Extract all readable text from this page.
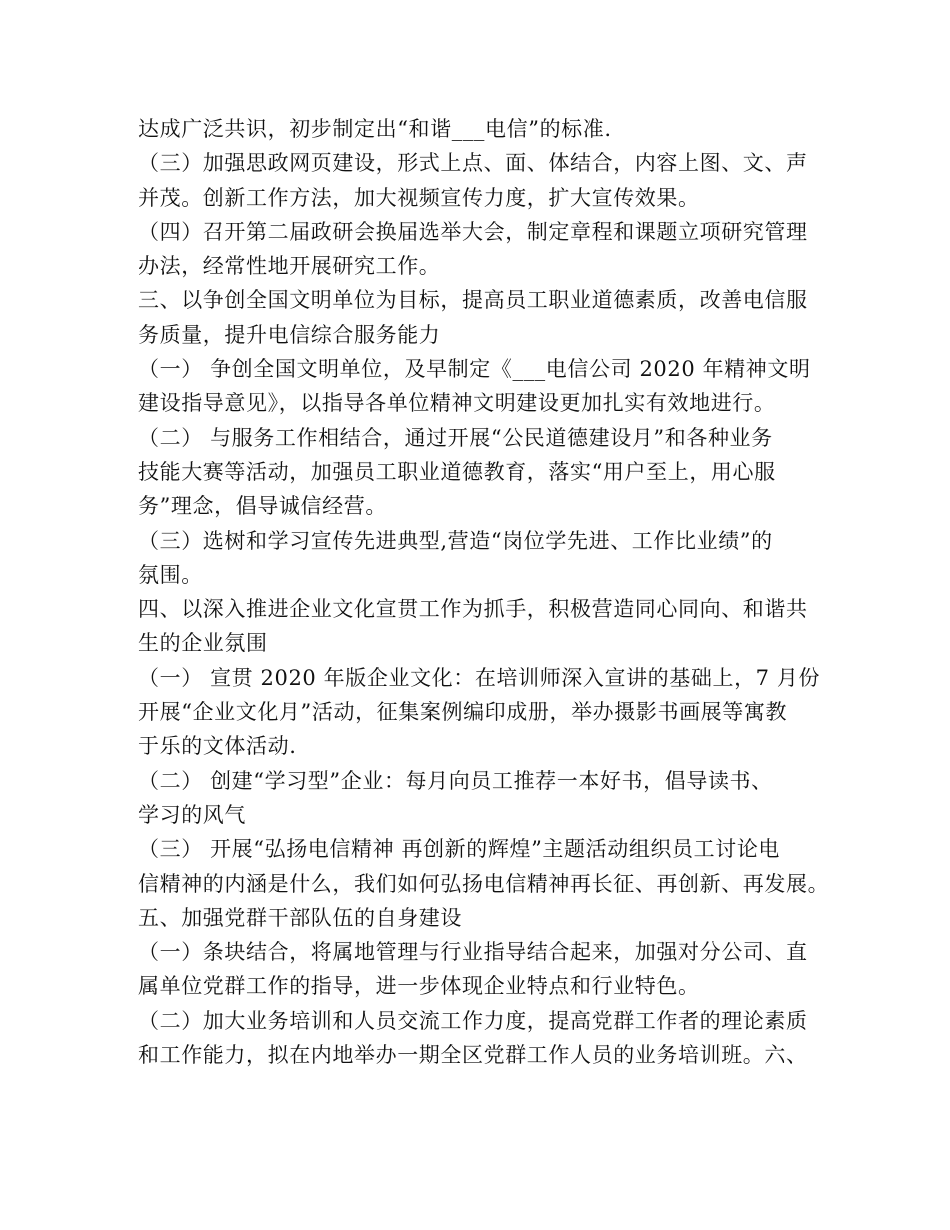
达成广泛共识，初步制定出“和谐___电信”的标准.
（三）加强思政网页建设，形式上点、面、体结合，内容上图、文、声
并茂。创新工作方法，加大视频宣传力度，扩大宣传效果。
（四）召开第二届政研会换届选举大会，制定章程和课题立项研究管理
办法，经常性地开展研究工作。
三、以争创全国文明单位为目标，提高员工职业道德素质，改善电信服
务质量，提升电信综合服务能力
（一） 争创全国文明单位，及早制定《___电信公司 2020 年精神文明
建设指导意见》，以指导各单位精神文明建设更加扎实有效地进行。
（二） 与服务工作相结合，通过开展“公民道德建设月”和各种业务
技能大赛等活动，加强员工职业道德教育，落实“用户至上，用心服
务”理念，倡导诚信经营。
（三）选树和学习宣传先进典型,营造“岗位学先进、工作比业绩”的
氛围。
四、以深入推进企业文化宣贯工作为抓手，积极营造同心同向、和谐共
生的企业氛围
（一） 宣贯 2020 年版企业文化：在培训师深入宣讲的基础上，7 月份
开展“企业文化月”活动，征集案例编印成册，举办摄影书画展等寓教
于乐的文体活动.
（二） 创建“学习型”企业：每月向员工推荐一本好书，倡导读书、
学习的风气
（三） 开展“弘扬电信精神 再创新的辉煌”主题活动组织员工讨论电
信精神的内涵是什么，我们如何弘扬电信精神再长征、再创新、再发展。
五、加强党群干部队伍的自身建设
（一）条块结合，将属地管理与行业指导结合起来，加强对分公司、直
属单位党群工作的指导，进一步体现企业特点和行业特色。
（二）加大业务培训和人员交流工作力度，提高党群工作者的理论素质
和工作能力，拟在内地举办一期全区党群工作人员的业务培训班。六、
